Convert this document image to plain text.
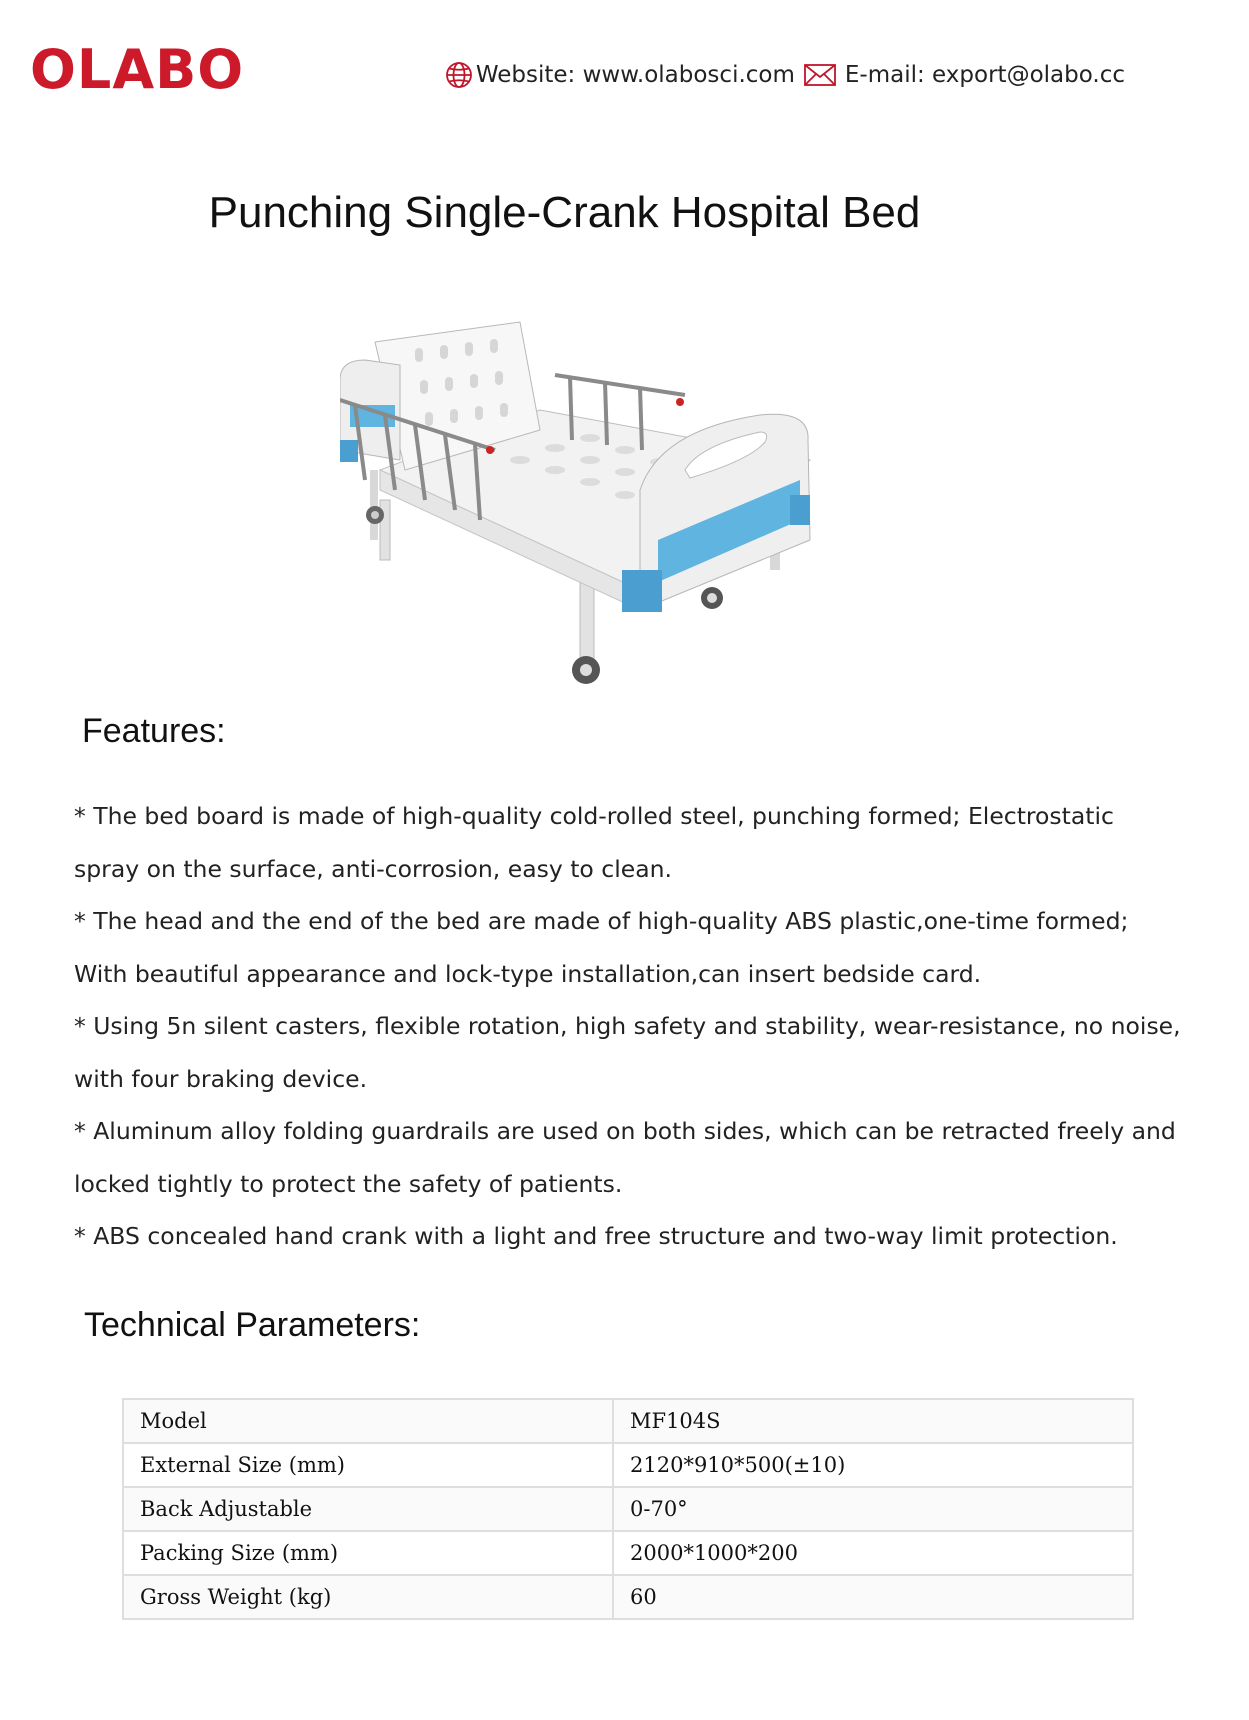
OLABO	Website: www.olabosci.com E-mail: export@olabo.cc
Punching Single-Crank Hospital Bed
Features:
* The bed board is made of high-quality cold-rolled steel, punching formed; Electrostatic spray on the surface, anti-corrosion, easy to clean.
* The head and the end of the bed are made of high-quality ABS plastic,one-time formed; With beautiful appearance and lock-type installation,can insert bedside card.
* Using 5n silent casters, flexible rotation, high safety and stability, wear-resistance, no noise, with four braking device.
* Aluminum alloy folding guardrails are used on both sides, which can be retracted freely and locked tightly to protect the safety of patients.
* ABS concealed hand crank with a light and free structure and two-way limit protection.
Technical Parameters:
Model	MF104S
External Size (mm)	2120*910*500(±10)
Back Adjustable	0-70°
Packing Size (mm)	2000*1000*200
Gross Weight (kg)	60
